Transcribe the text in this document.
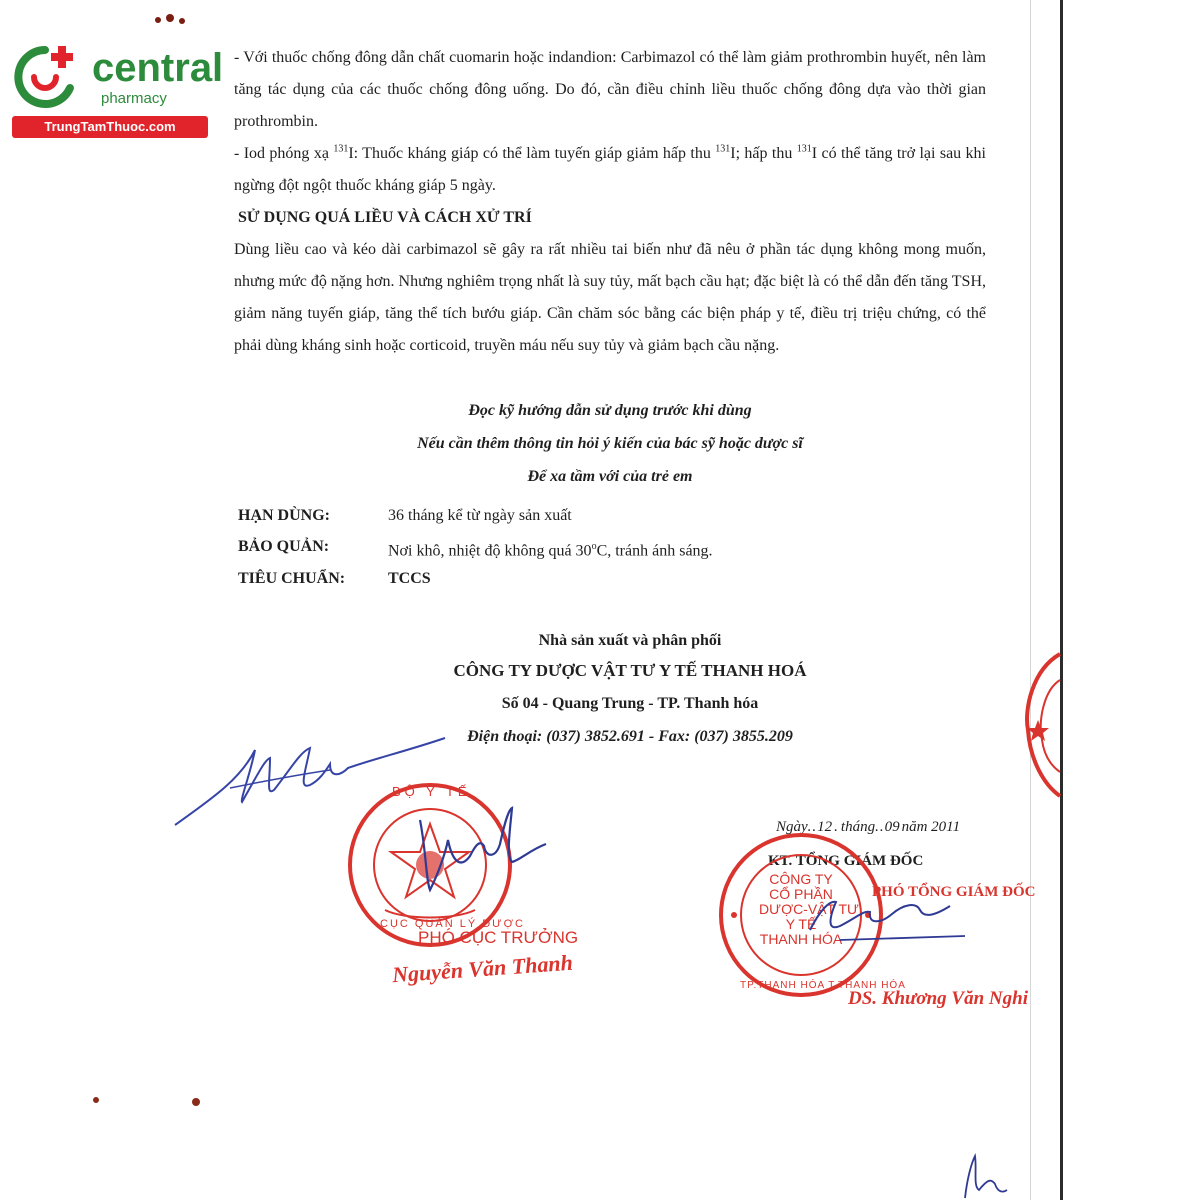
central
pharmacy
TrungTamThuoc.com

- Với thuốc chống đông dẫn chất cuomarin hoặc indandion: Carbimazol có thể làm giảm prothrombin huyết, nên làm tăng tác dụng của các thuốc chống đông uống. Do đó, cần điều chỉnh liều thuốc chống đông dựa vào thời gian prothrombin.

- Iod phóng xạ $^{131}$I: Thuốc kháng giáp có thể làm tuyến giáp giảm hấp thu $^{131}$I; hấp thu $^{131}$I có thể tăng trở lại sau khi ngừng đột ngột thuốc kháng giáp 5 ngày.

SỬ DỤNG QUÁ LIỀU VÀ CÁCH XỬ TRÍ

Dùng liều cao và kéo dài carbimazol sẽ gây ra rất nhiều tai biến như đã nêu ở phần tác dụng không mong muốn, nhưng mức độ nặng hơn. Nhưng nghiêm trọng nhất là suy tủy, mất bạch cầu hạt; đặc biệt là có thể dẫn đến tăng TSH, giảm năng tuyến giáp, tăng thể tích bướu giáp. Cần chăm sóc bằng các biện pháp y tế, điều trị triệu chứng, có thể phải dùng kháng sinh hoặc corticoid, truyền máu nếu suy tủy và giảm bạch cầu nặng.

Đọc kỹ hướng dẫn sử dụng trước khi dùng
Nếu cần thêm thông tin hỏi ý kiến của bác sỹ hoặc dược sĩ
Để xa tầm với của trẻ em
HẠN DÙNG:	36 tháng kể từ ngày sản xuất
BẢO QUẢN:	Nơi khô, nhiệt độ không quá 30$^o$C, tránh ánh sáng.
TIÊU CHUẨN:	TCCS
Nhà sản xuất và phân phối
CÔNG TY DƯỢC VẬT TƯ Y TẾ THANH HOÁ
Số 04 - Quang Trung - TP. Thanh hóa
Điện thoại: (037) 3852.691 - Fax: (037) 3855.209
BỘ Y TẾ
CỤC QUẢN LÝ DƯỢC
PHÓ CỤC TRƯỞNG
Nguyễn Văn Thanh
Ngày..12 . tháng..09 năm 2011
KT. TỔNG GIÁM ĐỐC
CÔNG TY
CỔ PHẦN
DƯỢC-VẬT TƯ
Y TẾ
THANH HÓA
TP.THANH HÓA T.THANH HÓA
PHÓ TỔNG GIÁM ĐỐC
DS. Khương Văn Nghi
